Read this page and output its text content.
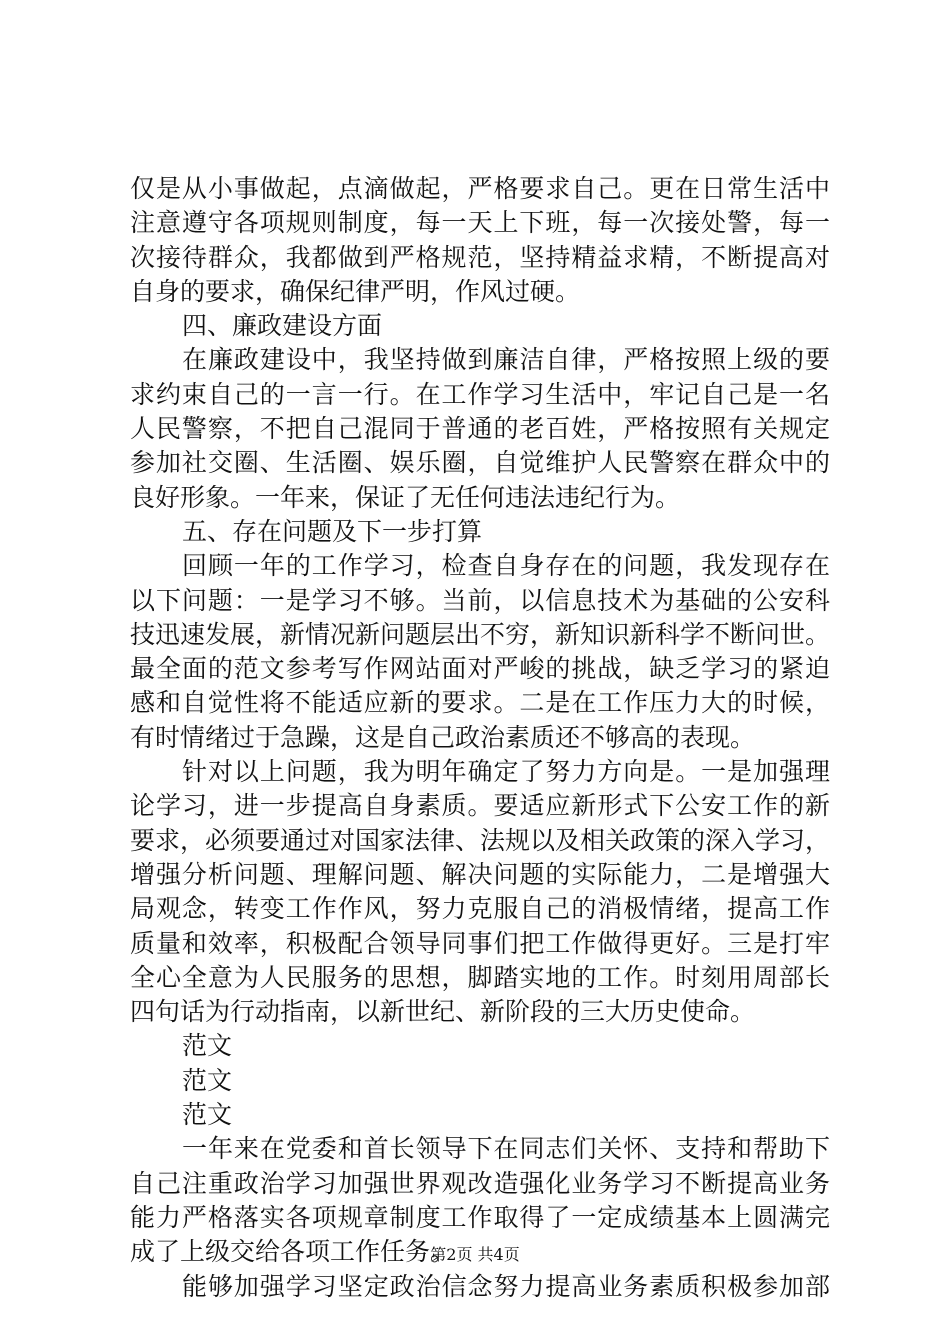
仅是从小事做起，点滴做起，严格要求自己。更在日常生活中
注意遵守各项规则制度，每一天上下班，每一次接处警，每一
次接待群众，我都做到严格规范，坚持精益求精，不断提高对
自身的要求，确保纪律严明，作风过硬。
四、廉政建设方面
在廉政建设中，我坚持做到廉洁自律，严格按照上级的要
求约束自己的一言一行。在工作学习生活中，牢记自己是一名
人民警察，不把自己混同于普通的老百姓，严格按照有关规定
参加社交圈、生活圈、娱乐圈，自觉维护人民警察在群众中的
良好形象。一年来，保证了无任何违法违纪行为。
五、存在问题及下一步打算
回顾一年的工作学习，检查自身存在的问题，我发现存在
以下问题：一是学习不够。当前，以信息技术为基础的公安科
技迅速发展，新情况新问题层出不穷，新知识新科学不断问世。
最全面的范文参考写作网站面对严峻的挑战，缺乏学习的紧迫
感和自觉性将不能适应新的要求。二是在工作压力大的时候，
有时情绪过于急躁，这是自己政治素质还不够高的表现。
针对以上问题，我为明年确定了努力方向是。一是加强理
论学习，进一步提高自身素质。要适应新形式下公安工作的新
要求，必须要通过对国家法律、法规以及相关政策的深入学习，
增强分析问题、理解问题、解决问题的实际能力，二是增强大
局观念，转变工作作风，努力克服自己的消极情绪，提高工作
质量和效率，积极配合领导同事们把工作做得更好。三是打牢
全心全意为人民服务的思想，脚踏实地的工作。时刻用周部长
四句话为行动指南，以新世纪、新阶段的三大历史使命。
范文
范文
范文
一年来在党委和首长领导下在同志们关怀、支持和帮助下
自己注重政治学习加强世界观改造强化业务学习不断提高业务
能力严格落实各项规章制度工作取得了一定成绩基本上圆满完
成了上级交给各项工作任务。
能够加强学习坚定政治信念努力提高业务素质积极参加部
第2页 共4页
